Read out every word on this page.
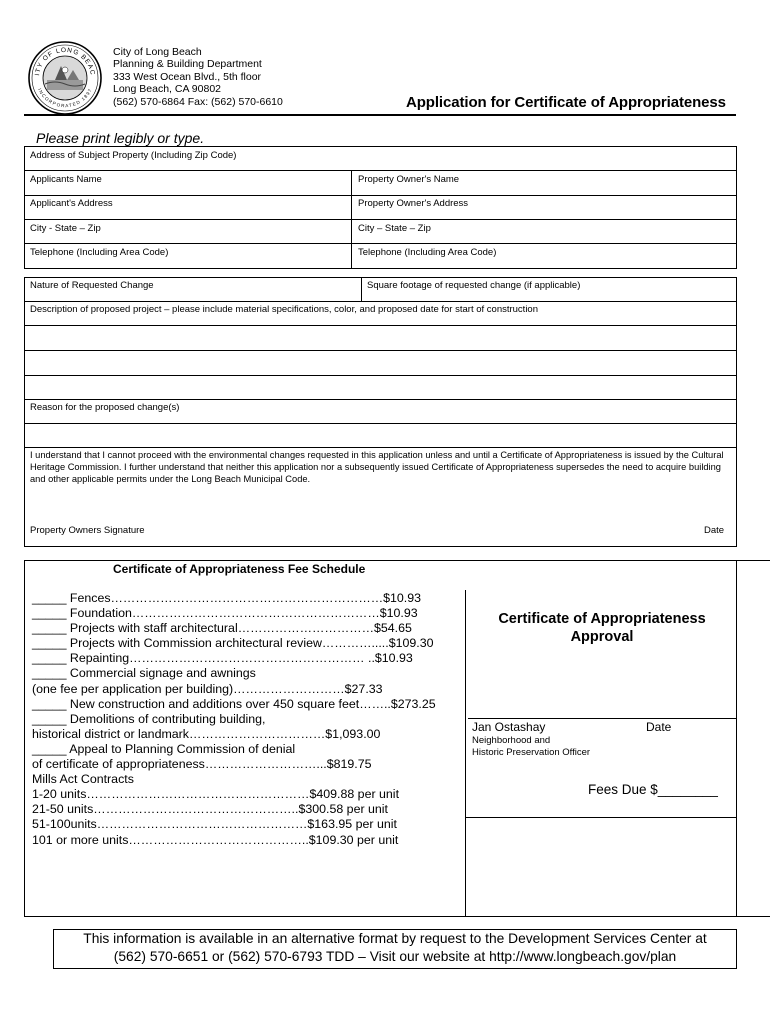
ITY OF LONG BEAC
INCORPORATED 1897
City of Long Beach
Planning & Building Department
333 West Ocean Blvd., 5th floor
Long Beach, CA 90802
(562) 570-6864 Fax: (562) 570-6610	Application for Certificate of Appropriateness
Please print legibly or type.
Address of Subject Property (Including Zip Code)
Applicants Name	Property Owner's Name
Applicant's Address	Property Owner's Address
City - State – Zip	City – State – Zip
Telephone (Including Area Code)	Telephone (Including Area Code)
Nature of Requested Change	Square footage of requested change (if applicable)
Description of proposed project – please include material specifications, color, and proposed date for start of construction
Reason for the proposed change(s)
I understand that I cannot proceed with the environmental changes requested in this application unless and until a Certificate of Appropriateness is issued by the Cultural Heritage Commission. I further understand that neither this application nor a subsequently issued Certificate of Appropriateness supersedes the need to acquire building and other applicable permits under the Long Beach Municipal Code.
Property Owners Signature	Date
Certificate of Appropriateness Fee Schedule
_____ Fences…………………………………………………………$10.93
_____ Foundation……………………………………………………$10.93
_____ Projects with staff architectural……………………………$54.65
_____ Projects with Commission architectural review………….....$109.30
_____ Repainting………………………………………………… ..$10.93
_____ Commercial signage and awnings
(one fee per application per building)………………………$27.33
_____ New construction and additions over 450 square feet……..$273.25
_____ Demolitions of contributing building,
historical district or landmark……………………………$1,093.00
_____ Appeal to Planning Commission of denial
of certificate of appropriateness………………………...$819.75
Mills Act Contracts
1-20 units………………………………………………$409.88 per unit
21-50 units…………………………………………..$300.58 per unit
51-100units……………………………………………$163.95 per unit
101 or more units……………………………………..$109.30 per unit
Certificate of Appropriateness
Approval
Jan Ostashay	Date
Neighborhood and
Historic Preservation Officer
Fees Due $________
This information is available in an alternative format by request to the Development Services Center at
(562) 570-6651 or (562) 570-6793 TDD – Visit our website at http://www.longbeach.gov/plan
